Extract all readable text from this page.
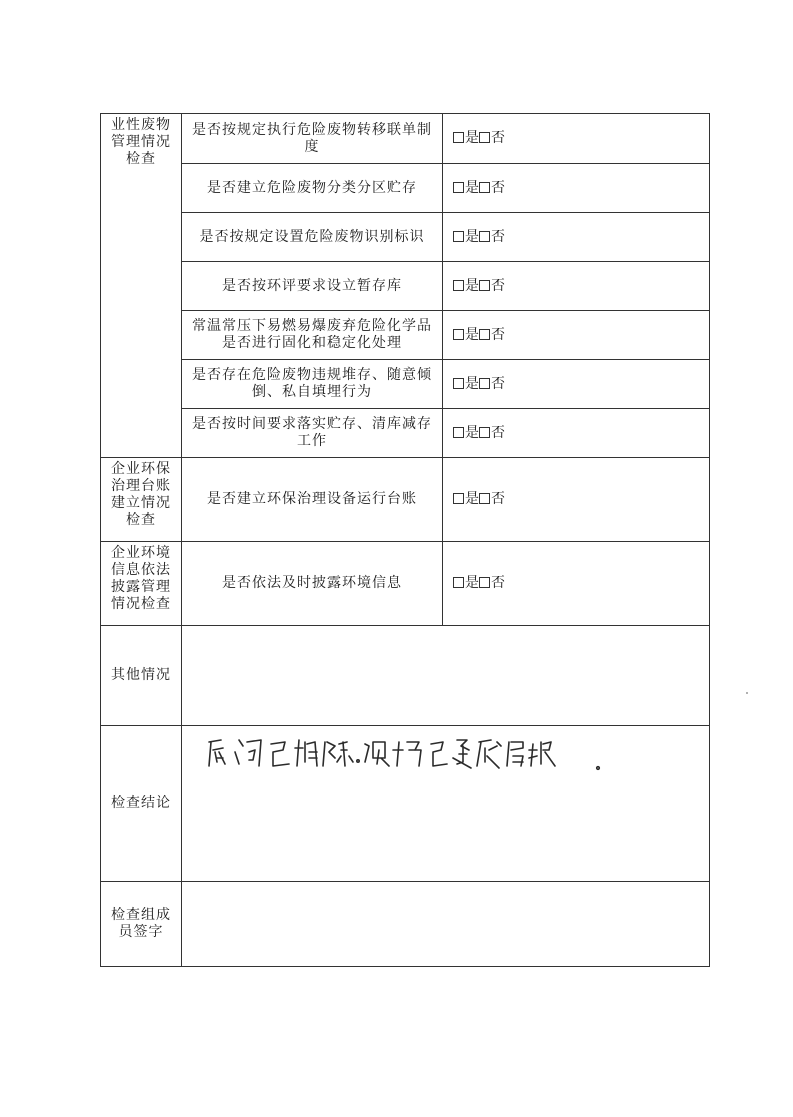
业性废物管理情况检查	是否按规定执行危险废物转移联单制度	是 否
	是否建立危险废物分类分区贮存	是 否
	是否按规定设置危险废物识别标识	是 否
	是否按环评要求设立暂存库	是 否
	常温常压下易燃易爆废弃危险化学品是否进行固化和稳定化处理	是 否
	是否存在危险废物违规堆存、随意倾倒、私自填埋行为	是 否
	是否按时间要求落实贮存、清库减存工作	是 否
企业环保治理台账建立情况检查	是否建立环保治理设备运行台账	是 否
企业环境信息依法披露管理情况检查	是否依法及时披露环境信息	是 否
其他情况		
检查结论		
检查组成员签字		
